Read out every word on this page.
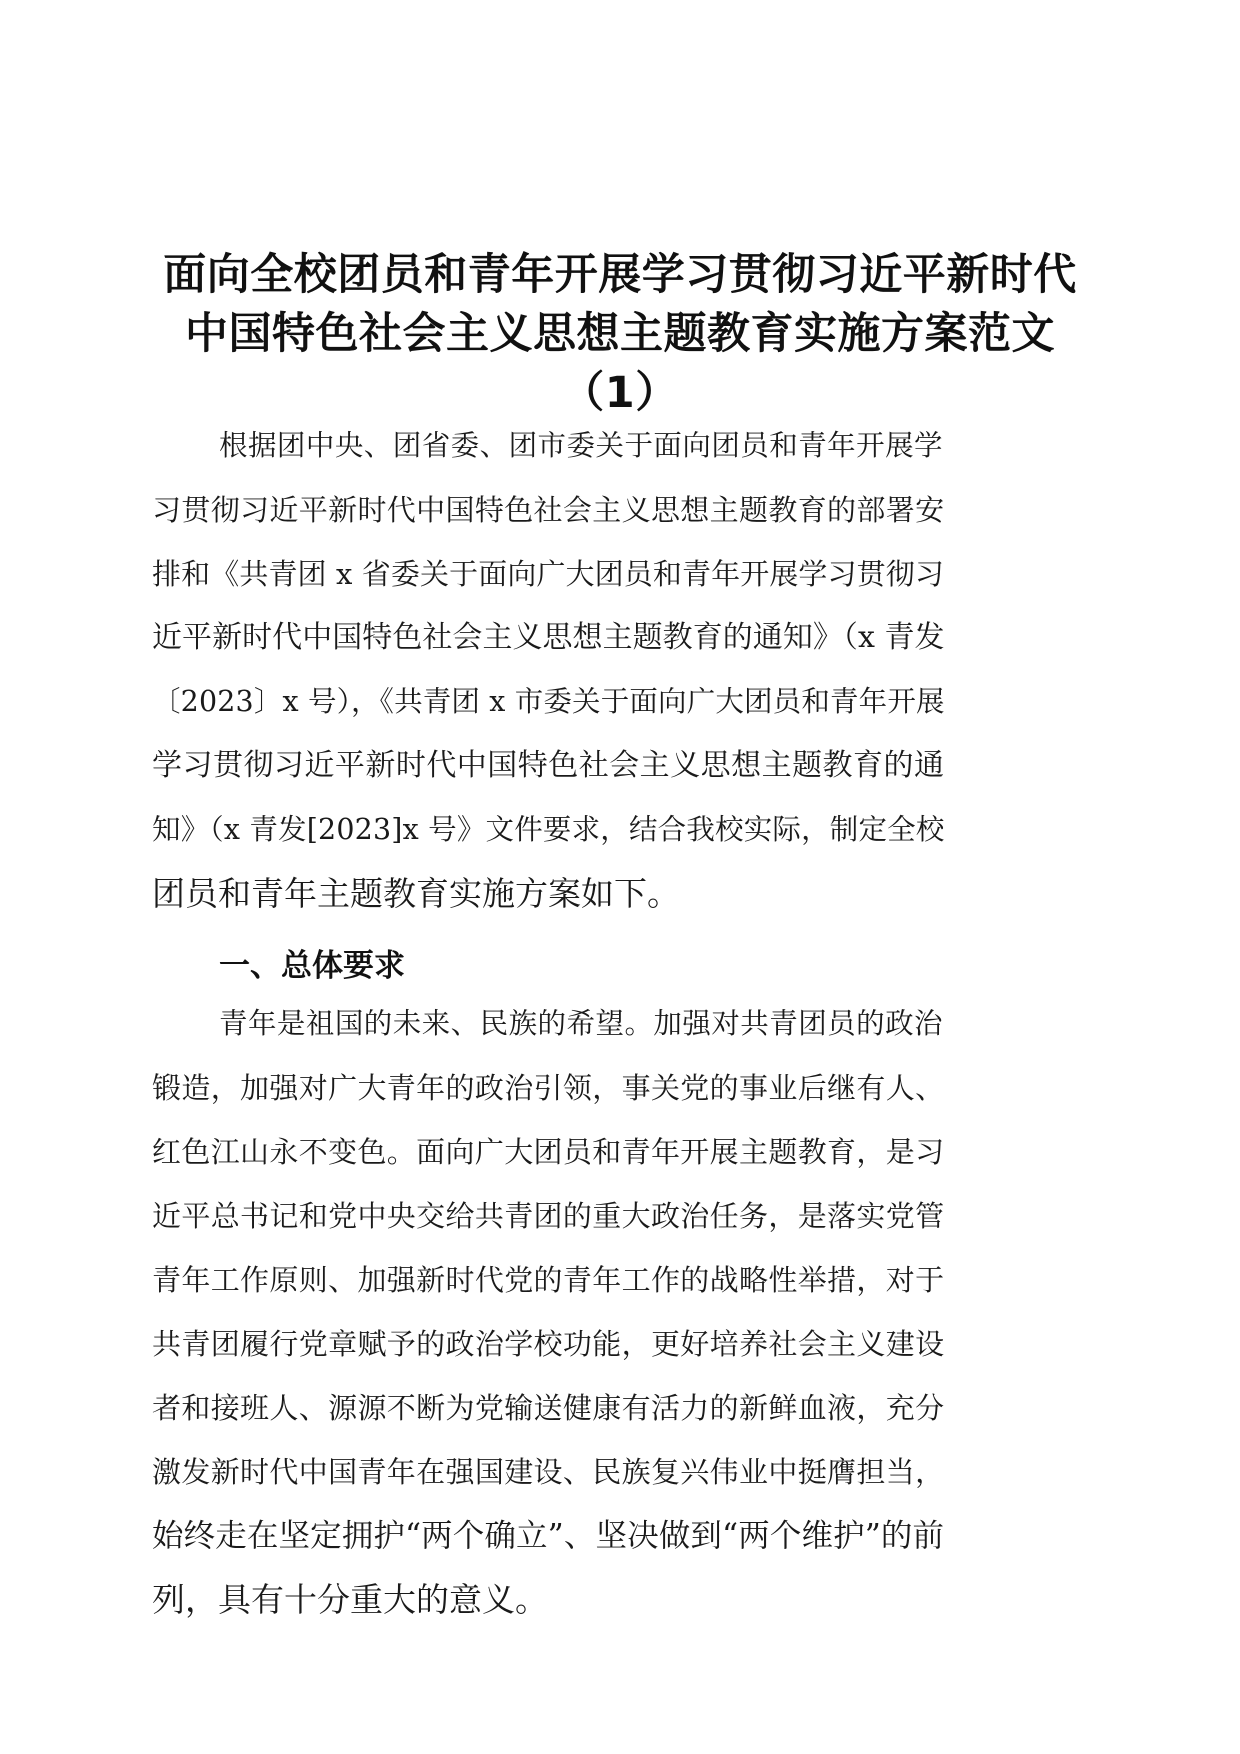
面向全校团员和青年开展学习贯彻习近平新时代中国特色社会主义思想主题教育实施方案范文（1）
根据团中央、团省委、团市委关于面向团员和青年开展学
习贯彻习近平新时代中国特色社会主义思想主题教育的部署安
排和《共青团 x 省委关于面向广大团员和青年开展学习贯彻习
近平新时代中国特色社会主义思想主题教育的通知》（x 青发
〔2023〕x 号），《共青团 x 市委关于面向广大团员和青年开展
学习贯彻习近平新时代中国特色社会主义思想主题教育的通
知》（x 青发[2023]x 号》文件要求，结合我校实际，制定全校
团员和青年主题教育实施方案如下。
一、总体要求
青年是祖国的未来、民族的希望。加强对共青团员的政治
锻造，加强对广大青年的政治引领，事关党的事业后继有人、
红色江山永不变色。面向广大团员和青年开展主题教育，是习
近平总书记和党中央交给共青团的重大政治任务，是落实党管
青年工作原则、加强新时代党的青年工作的战略性举措，对于
共青团履行党章赋予的政治学校功能，更好培养社会主义建设
者和接班人、源源不断为党输送健康有活力的新鲜血液，充分
激发新时代中国青年在强国建设、民族复兴伟业中挺膺担当，
始终走在坚定拥护“两个确立”、坚决做到“两个维护”的前
列，具有十分重大的意义。
